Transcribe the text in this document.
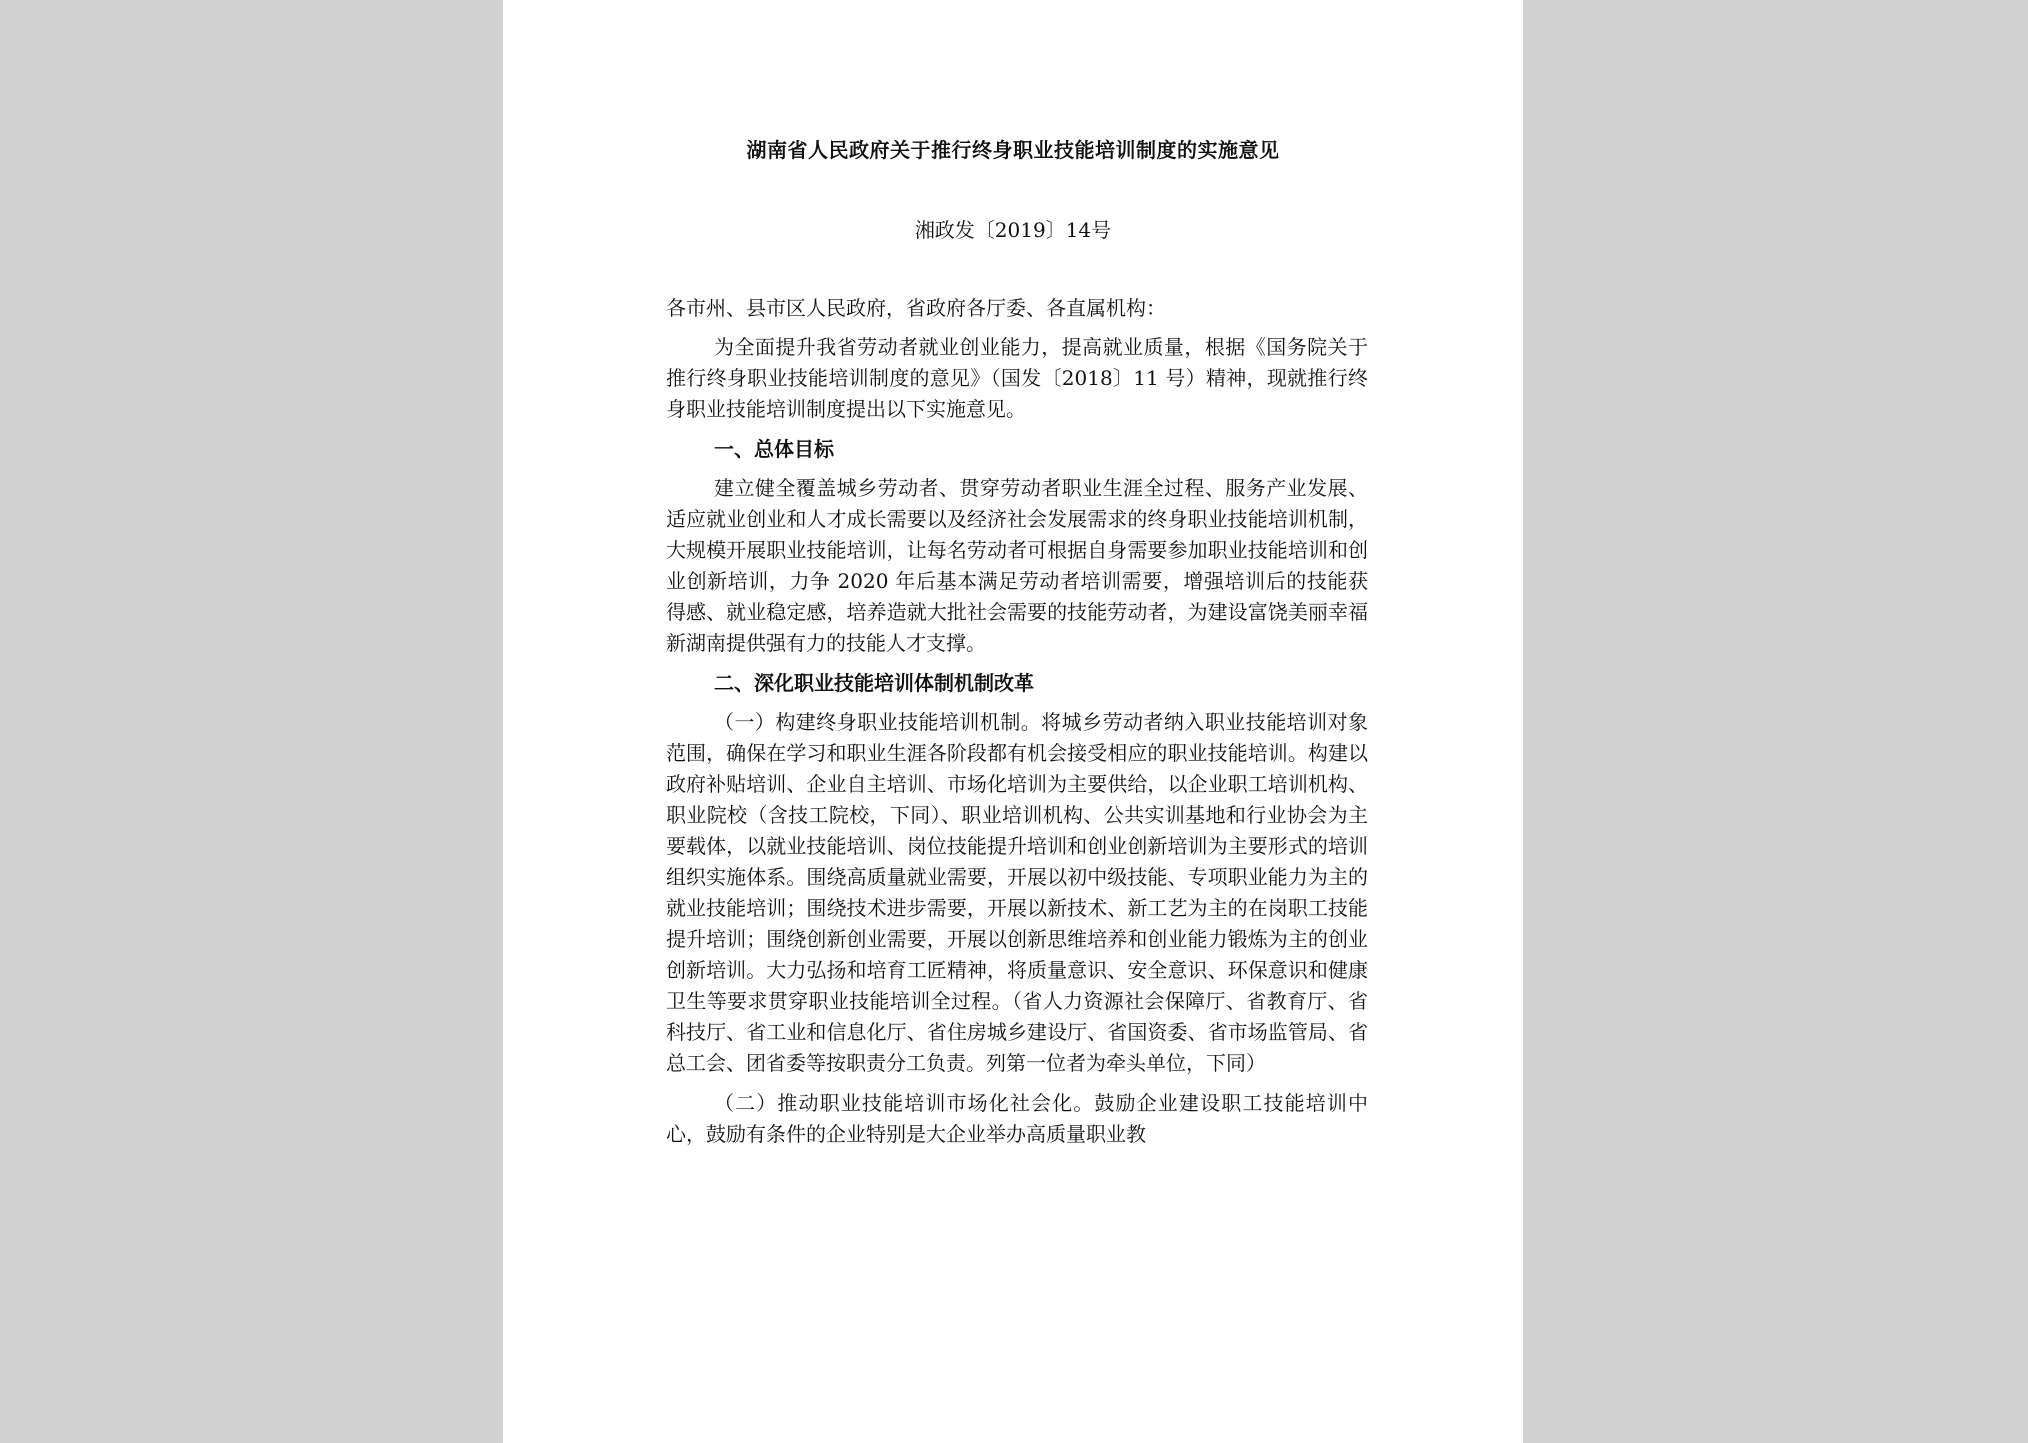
湖南省人民政府关于推行终身职业技能培训制度的实施意见
湘政发〔2019〕14号

各市州、县市区人民政府，省政府各厅委、各直属机构：

为全面提升我省劳动者就业创业能力，提高就业质量，根据《国务院关于推行终身职业技能培训制度的意见》（国发〔2018〕11 号）精神，现就推行终身职业技能培训制度提出以下实施意见。

一、总体目标

建立健全覆盖城乡劳动者、贯穿劳动者职业生涯全过程、服务产业发展、适应就业创业和人才成长需要以及经济社会发展需求的终身职业技能培训机制，大规模开展职业技能培训，让每名劳动者可根据自身需要参加职业技能培训和创业创新培训，力争 2020 年后基本满足劳动者培训需要，增强培训后的技能获得感、就业稳定感，培养造就大批社会需要的技能劳动者，为建设富饶美丽幸福新湖南提供强有力的技能人才支撑。

二、深化职业技能培训体制机制改革

（一）构建终身职业技能培训机制。将城乡劳动者纳入职业技能培训对象范围，确保在学习和职业生涯各阶段都有机会接受相应的职业技能培训。构建以政府补贴培训、企业自主培训、市场化培训为主要供给，以企业职工培训机构、职业院校（含技工院校，下同）、职业培训机构、公共实训基地和行业协会为主要载体，以就业技能培训、岗位技能提升培训和创业创新培训为主要形式的培训组织实施体系。围绕高质量就业需要，开展以初中级技能、专项职业能力为主的就业技能培训；围绕技术进步需要，开展以新技术、新工艺为主的在岗职工技能提升培训；围绕创新创业需要，开展以创新思维培养和创业能力锻炼为主的创业创新培训。大力弘扬和培育工匠精神，将质量意识、安全意识、环保意识和健康卫生等要求贯穿职业技能培训全过程。（省人力资源社会保障厅、省教育厅、省科技厅、省工业和信息化厅、省住房城乡建设厅、省国资委、省市场监管局、省总工会、团省委等按职责分工负责。列第一位者为牵头单位，下同）

（二）推动职业技能培训市场化社会化。鼓励企业建设职工技能培训中心，鼓励有条件的企业特别是大企业举办高质量职业教
